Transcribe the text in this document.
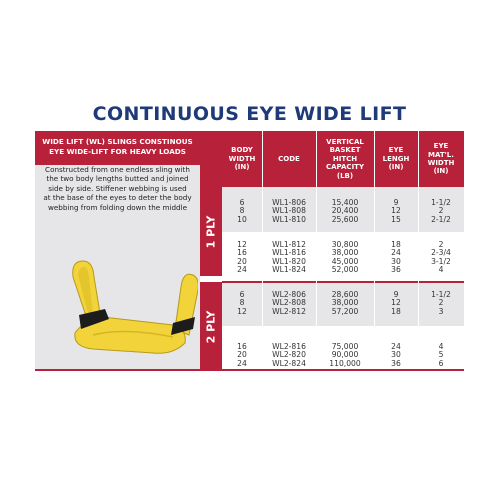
CONTINUOUS EYE WIDE LIFT
WIDE LIFT (WL) SLINGS CONSTINOUS
EYE WIDE-LIFT FOR HEAVY LOADS
Constructed from one endless sling with
the two body lengths butted and joined
side by side. Stiffener webbing is used
at the base of the eyes to deter the body
webbing from folding down the middle
BODY
WIDTH
(IN)
CODE
VERTICAL
BASKET
HITCH
CAPACITY
(LB)
EYE
LENGH
(IN)
EYE
MAT'L.
WIDTH
(IN)
1 PLY
2 PLY
6
8
10
WL1-806
WL1-808
WL1-810
15,400
20,400
25,600
9
12
15
1-1/2
2
2-1/2
12
16
20
24
WL1-812
WL1-816
WL1-820
WL1-824
30,800
38,000
45,000
52,000
18
24
30
36
2
2-3/4
3-1/2
4
6
8
12
WL2-806
WL2-808
WL2-812
28,600
38,000
57,200
9
12
18
1-1/2
2
3
16
20
24
WL2-816
WL2-820
WL2-824
75,000
90,000
110,000
24
30
36
4
5
6
